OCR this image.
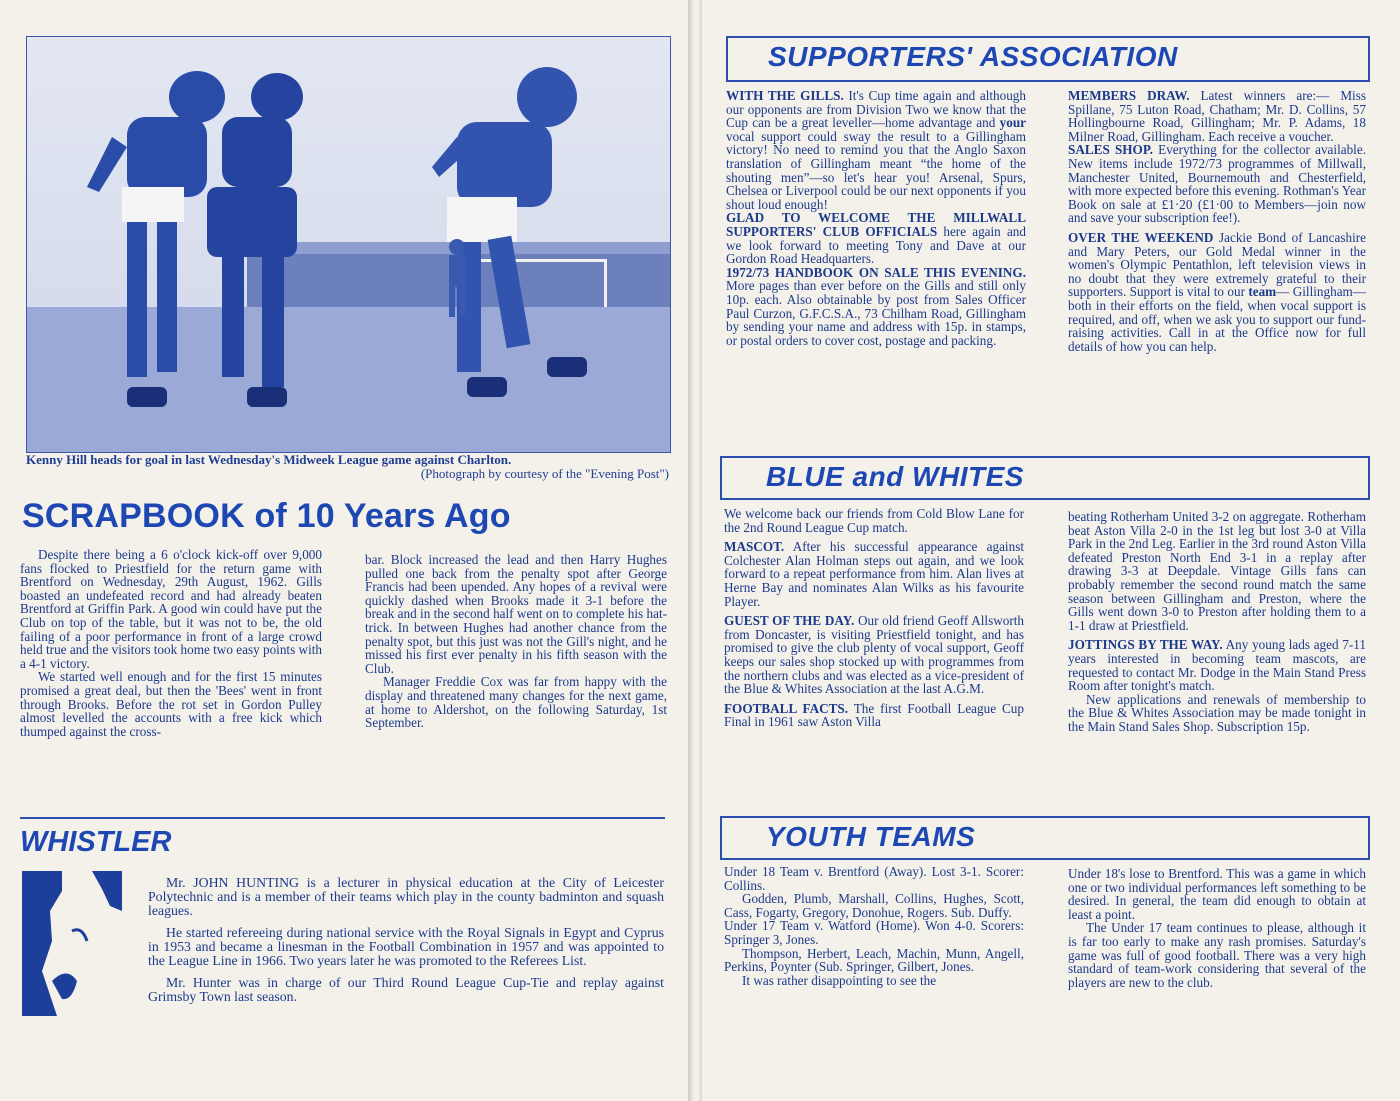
Kenny Hill heads for goal in last Wednesday's Midweek League game against Charlton.
(Photograph by courtesy of the "Evening Post")
SCRAPBOOK of 10 Years Ago

Despite there being a 6 o'clock kick-off over 9,000 fans flocked to Priestfield for the return game with Brentford on Wednesday, 29th August, 1962. Gills boasted an undefeated record and had already beaten Brentford at Griffin Park. A good win could have put the Club on top of the table, but it was not to be, the old failing of a poor performance in front of a large crowd held true and the visitors took home two easy points with a 4-1 victory.

We started well enough and for the first 15 minutes promised a great deal, but then the 'Bees' went in front through Brooks. Before the rot set in Gordon Pulley almost levelled the accounts with a free kick which thumped against the cross-

bar. Block increased the lead and then Harry Hughes pulled one back from the penalty spot after George Francis had been upended. Any hopes of a revival were quickly dashed when Brooks made it 3-1 before the break and in the second half went on to complete his hat-trick. In between Hughes had another chance from the penalty spot, but this just was not the Gill's night, and he missed his first ever penalty in his fifth season with the Club.

Manager Freddie Cox was far from happy with the display and threatened many changes for the next game, at home to Aldershot, on the following Saturday, 1st September.

WHISTLER

Mr. JOHN HUNTING is a lecturer in physical education at the City of Leicester Polytechnic and is a member of their teams which play in the county badminton and squash leagues.

He started refereeing during national service with the Royal Signals in Egypt and Cyprus in 1953 and became a linesman in the Football Combination in 1957 and was appointed to the League Line in 1966. Two years later he was promoted to the Referees List.

Mr. Hunter was in charge of our Third Round League Cup-Tie and replay against Grimsby Town last season.

SUPPORTERS' ASSOCIATION

WITH THE GILLS. It's Cup time again and although our opponents are from Division Two we know that the Cup can be a great leveller—home advantage and your vocal support could sway the result to a Gillingham victory! No need to remind you that the Anglo Saxon translation of Gillingham meant “the home of the shouting men”—so let's hear you! Arsenal, Spurs, Chelsea or Liverpool could be our next opponents if you shout loud enough!

GLAD TO WELCOME THE MILLWALL SUPPORTERS' CLUB OFFICIALS here again and we look forward to meeting Tony and Dave at our Gordon Road Headquarters.

1972/73 HANDBOOK ON SALE THIS EVENING. More pages than ever before on the Gills and still only 10p. each. Also obtainable by post from Sales Officer Paul Curzon, G.F.C.S.A., 73 Chilham Road, Gillingham by sending your name and address with 15p. in stamps, or postal orders to cover cost, postage and packing.

MEMBERS DRAW. Latest winners are:— Miss Spillane, 75 Luton Road, Chatham; Mr. D. Collins, 57 Hollingbourne Road, Gillingham; Mr. P. Adams, 18 Milner Road, Gillingham. Each receive a voucher.

SALES SHOP. Everything for the collector available. New items include 1972/73 programmes of Millwall, Manchester United, Bournemouth and Chesterfield, with more expected before this evening. Rothman's Year Book on sale at £1·20 (£1·00 to Members—join now and save your subscription fee!).

OVER THE WEEKEND Jackie Bond of Lancashire and Mary Peters, our Gold Medal winner in the women's Olympic Pentathlon, left television views in no doubt that they were extremely grateful to their supporters. Support is vital to our team— Gillingham—both in their efforts on the field, when vocal support is required, and off, when we ask you to support our fund-raising activities. Call in at the Office now for full details of how you can help.

BLUE and WHITES

We welcome back our friends from Cold Blow Lane for the 2nd Round League Cup match.

MASCOT. After his successful appearance against Colchester Alan Holman steps out again, and we look forward to a repeat performance from him. Alan lives at Herne Bay and nominates Alan Wilks as his favourite Player.

GUEST OF THE DAY. Our old friend Geoff Allsworth from Doncaster, is visiting Priestfield tonight, and has promised to give the club plenty of vocal support, Geoff keeps our sales shop stocked up with programmes from the northern clubs and was elected as a vice-president of the Blue & Whites Association at the last A.G.M.

FOOTBALL FACTS. The first Football League Cup Final in 1961 saw Aston Villa

beating Rotherham United 3-2 on aggregate. Rotherham beat Aston Villa 2-0 in the 1st leg but lost 3-0 at Villa Park in the 2nd Leg. Earlier in the 3rd round Aston Villa defeated Preston North End 3-1 in a replay after drawing 3-3 at Deepdale. Vintage Gills fans can probably remember the second round match the same season between Gillingham and Preston, where the Gills went down 3-0 to Preston after holding them to a 1-1 draw at Priestfield.

JOTTINGS BY THE WAY. Any young lads aged 7-11 years interested in becoming team mascots, are requested to contact Mr. Dodge in the Main Stand Press Room after tonight's match.

New applications and renewals of membership to the Blue & Whites Association may be made tonight in the Main Stand Sales Shop. Subscription 15p.

YOUTH TEAMS

Under 18 Team v. Brentford (Away). Lost 3-1. Scorer: Collins.

Godden, Plumb, Marshall, Collins, Hughes, Scott, Cass, Fogarty, Gregory, Donohue, Rogers. Sub. Duffy.

Under 17 Team v. Watford (Home). Won 4-0. Scorers: Springer 3, Jones.

Thompson, Herbert, Leach, Machin, Munn, Angell, Perkins, Poynter (Sub. Springer, Gilbert, Jones.

It was rather disappointing to see the

Under 18's lose to Brentford. This was a game in which one or two individual performances left something to be desired. In general, the team did enough to obtain at least a point.

The Under 17 team continues to please, although it is far too early to make any rash promises. Saturday's game was full of good football. There was a very high standard of team-work considering that several of the players are new to the club.
